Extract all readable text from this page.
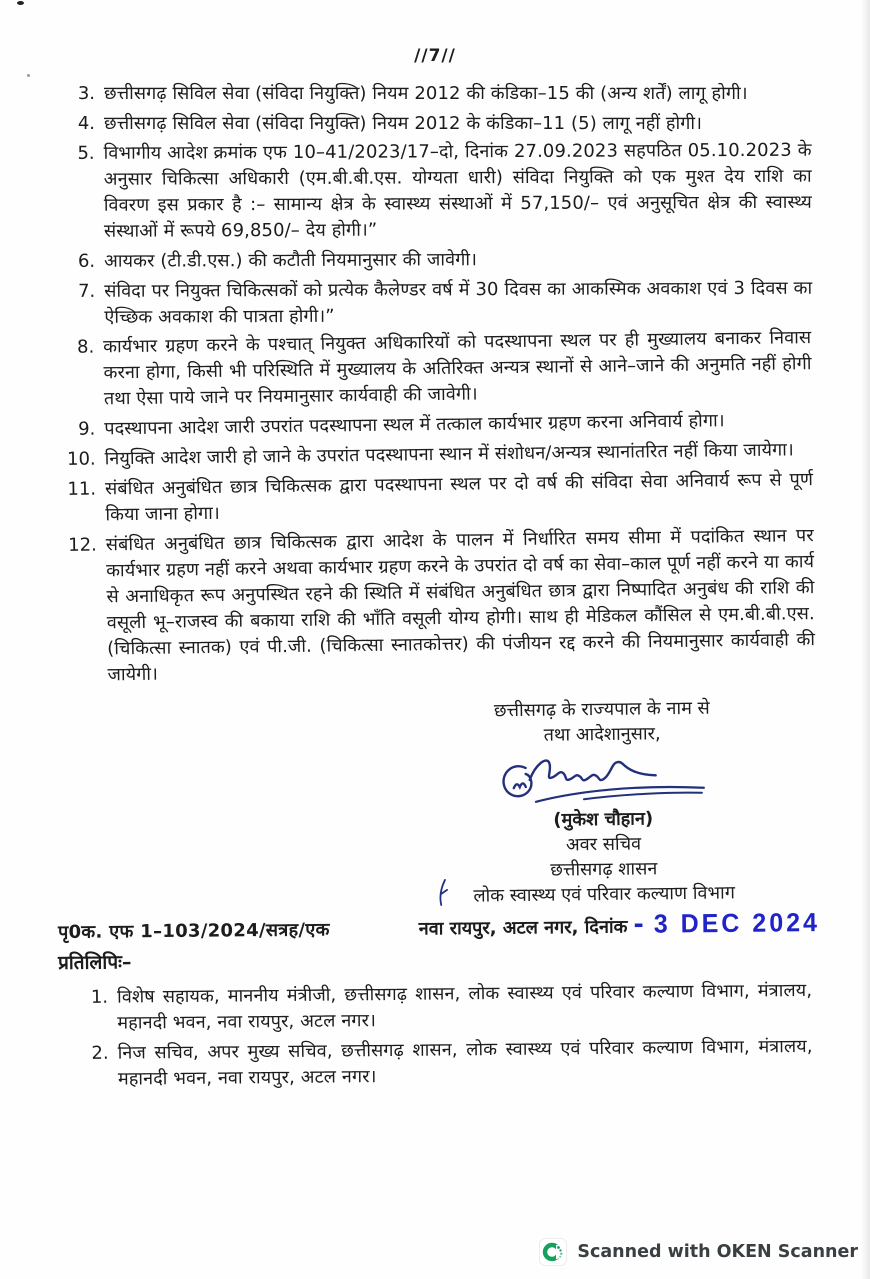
//7//
3. छत्तीसगढ़ सिविल सेवा (संविदा नियुक्ति) नियम 2012 की कंडिका–15 की (अन्य शर्तें) लागू होगी।
4. छत्तीसगढ़ सिविल सेवा (संविदा नियुक्ति) नियम 2012 के कंडिका–11 (5) लागू नहीं होगी।
5. विभागीय आदेश क्रमांक एफ 10–41/2023/17–दो, दिनांक 27.09.2023 सहपठित 05.10.2023 के अनुसार चिकित्सा अधिकारी (एम.बी.बी.एस. योग्यता धारी) संविदा नियुक्ति को एक मुश्त देय राशि का विवरण इस प्रकार है :– सामान्य क्षेत्र के स्वास्थ्य संस्थाओं में 57,150/– एवं अनुसूचित क्षेत्र की स्वास्थ्य संस्थाओं में रूपये 69,850/– देय होगी।”
6. आयकर (टी.डी.एस.) की कटौती नियमानुसार की जावेगी।
7. संविदा पर नियुक्त चिकित्सकों को प्रत्येक कैलेण्डर वर्ष में 30 दिवस का आकस्मिक अवकाश एवं 3 दिवस का ऐच्छिक अवकाश की पात्रता होगी।”
8. कार्यभार ग्रहण करने के पश्चात् नियुक्त अधिकारियों को पदस्थापना स्थल पर ही मुख्यालय बनाकर निवास करना होगा, किसी भी परिस्थिति में मुख्यालय के अतिरिक्त अन्यत्र स्थानों से आने–जाने की अनुमति नहीं होगी तथा ऐसा पाये जाने पर नियमानुसार कार्यवाही की जावेगी।
9. पदस्थापना आदेश जारी उपरांत पदस्थापना स्थल में तत्काल कार्यभार ग्रहण करना अनिवार्य होगा।
10. नियुक्ति आदेश जारी हो जाने के उपरांत पदस्थापना स्थान में संशोधन/अन्यत्र स्थानांतरित नहीं किया जायेगा।
11. संबंधित अनुबंधित छात्र चिकित्सक द्वारा पदस्थापना स्थल पर दो वर्ष की संविदा सेवा अनिवार्य रूप से पूर्ण किया जाना होगा।
12. संबंधित अनुबंधित छात्र चिकित्सक द्वारा आदेश के पालन में निर्धारित समय सीमा में पदांकित स्थान पर कार्यभार ग्रहण नहीं करने अथवा कार्यभार ग्रहण करने के उपरांत दो वर्ष का सेवा–काल पूर्ण नहीं करने या कार्य से अनाधिकृत रूप अनुपस्थित रहने की स्थिति में संबंधित अनुबंधित छात्र द्वारा निष्पादित अनुबंध की राशि की वसूली भू–राजस्व की बकाया राशि की भाँति वसूली योग्य होगी। साथ ही मेडिकल कौंसिल से एम.बी.बी.एस. (चिकित्सा स्नातक) एवं पी.जी. (चिकित्सा स्नातकोत्तर) की पंजीयन रद्द करने की नियमानुसार कार्यवाही की जायेगी।
छत्तीसगढ़ के राज्यपाल के नाम से
तथा आदेशानुसार,
(मुकेश चौहान)
अवर सचिव
छत्तीसगढ़ शासन
लोक स्वास्थ्य एवं परिवार कल्याण विभाग
पृ0क. एफ 1–103/2024/सत्रह/एक	नवा रायपुर, अटल नगर, दिनांक - 3 DEC 2024
प्रतिलिपिः–
1. विशेष सहायक, माननीय मंत्रीजी, छत्तीसगढ़ शासन, लोक स्वास्थ्य एवं परिवार कल्याण विभाग, मंत्रालय, महानदी भवन, नवा रायपुर, अटल नगर।
2. निज सचिव, अपर मुख्य सचिव, छत्तीसगढ़ शासन, लोक स्वास्थ्य एवं परिवार कल्याण विभाग, मंत्रालय, महानदी भवन, नवा रायपुर, अटल नगर।
Scanned with OKEN Scanner
